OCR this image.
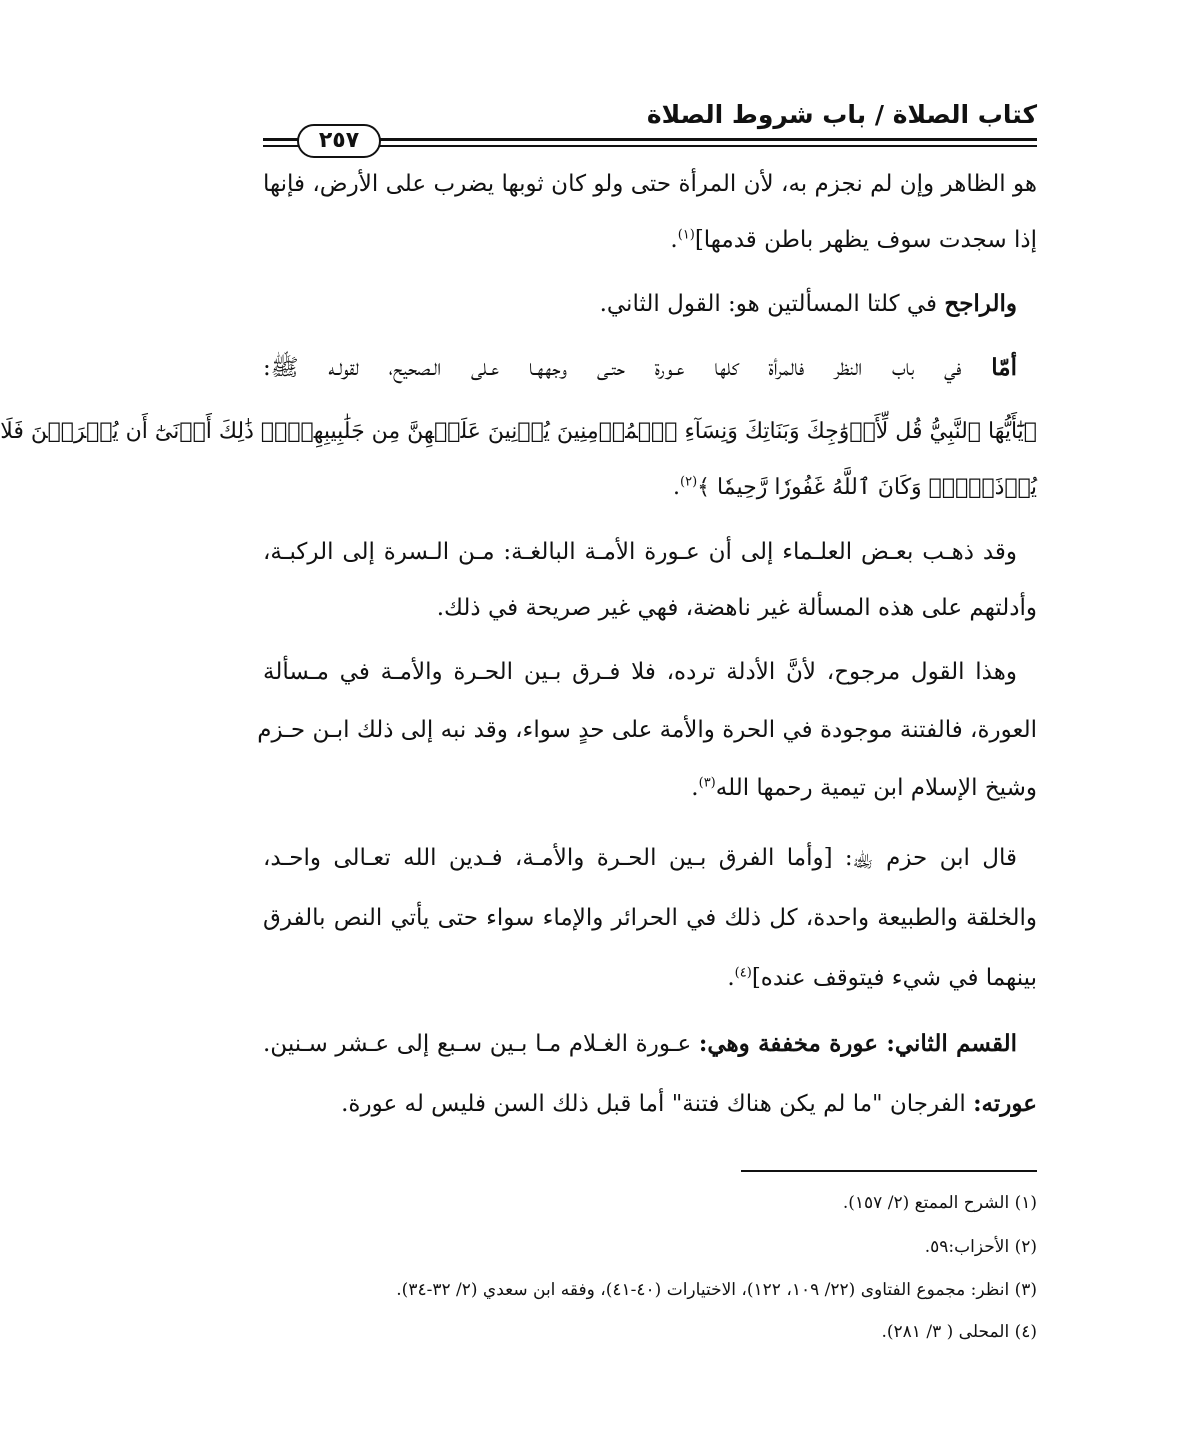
كتاب الصلاة / باب شروط الصلاة
٢٥٧
هو الظاهر وإن لم نجزم به، لأن المرأة حتى ولو كان ثوبها يضرب على الأرض، فإنها
إذا سجدت سوف يظهر باطن قدمها]$^{(١)}$.
والراجح في كلتا المسألتين هو: القول الثاني.
أمّا في باب النظر فالمرأة كلها عـورة حتـى وجههـا عـلى الـصحيح، لقولـه ﷺ:
﴿يَٰٓأَيُّهَا ٱلنَّبِيُّ قُل لِّأَزۡوَٰجِكَ وَبَنَاتِكَ وَنِسَآءِ ٱلۡمُؤۡمِنِينَ يُدۡنِينَ عَلَيۡهِنَّ مِن جَلَٰبِيبِهِنَّۚ ذَٰلِكَ أَدۡنَىٰٓ أَن يُعۡرَفۡنَ فَلَا
يُؤۡذَيۡنَۗ وَكَانَ ٱللَّهُ غَفُورٗا رَّحِيمٗا ﴾$^{(٢)}$.
وقد ذهـب بعـض العلـماء إلى أن عـورة الأمـة البالغـة: مـن الـسرة إلى الركبـة،
وأدلتهم على هذه المسألة غير ناهضة، فهي غير صريحة في ذلك.
وهذا القول مرجوح، لأنَّ الأدلة ترده، فلا فـرق بـين الحـرة والأمـة في مـسألة
العورة، فالفتنة موجودة في الحرة والأمة على حدٍ سواء، وقد نبه إلى ذلك ابـن حـزم
وشيخ الإسلام ابن تيمية رحمها الله$^{(٣)}$.
قال ابن حزم ﵀: [وأما الفرق بـين الحـرة والأمـة، فـدين الله تعـالى واحـد،
والخلقة والطبيعة واحدة، كل ذلك في الحرائر والإماء سواء حتى يأتي النص بالفرق
بينهما في شيء فيتوقف عنده]$^{(٤)}$.
القسم الثاني: عورة مخففة وهي: عـورة الغـلام مـا بـين سـبع إلى عـشر سـنين.
عورته: الفرجان "ما لم يكن هناك فتنة" أما قبل ذلك السن فليس له عورة.
(١) الشرح الممتع (٢/ ١٥٧).
(٢) الأحزاب:٥٩.
(٣) انظر: مجموع الفتاوى (٢٢/ ١٠٩، ١٢٢)، الاختيارات (٤٠-٤١)، وفقه ابن سعدي (٢/ ٣٢-٣٤).
(٤) المحلى ( ٣/ ٢٨١).
